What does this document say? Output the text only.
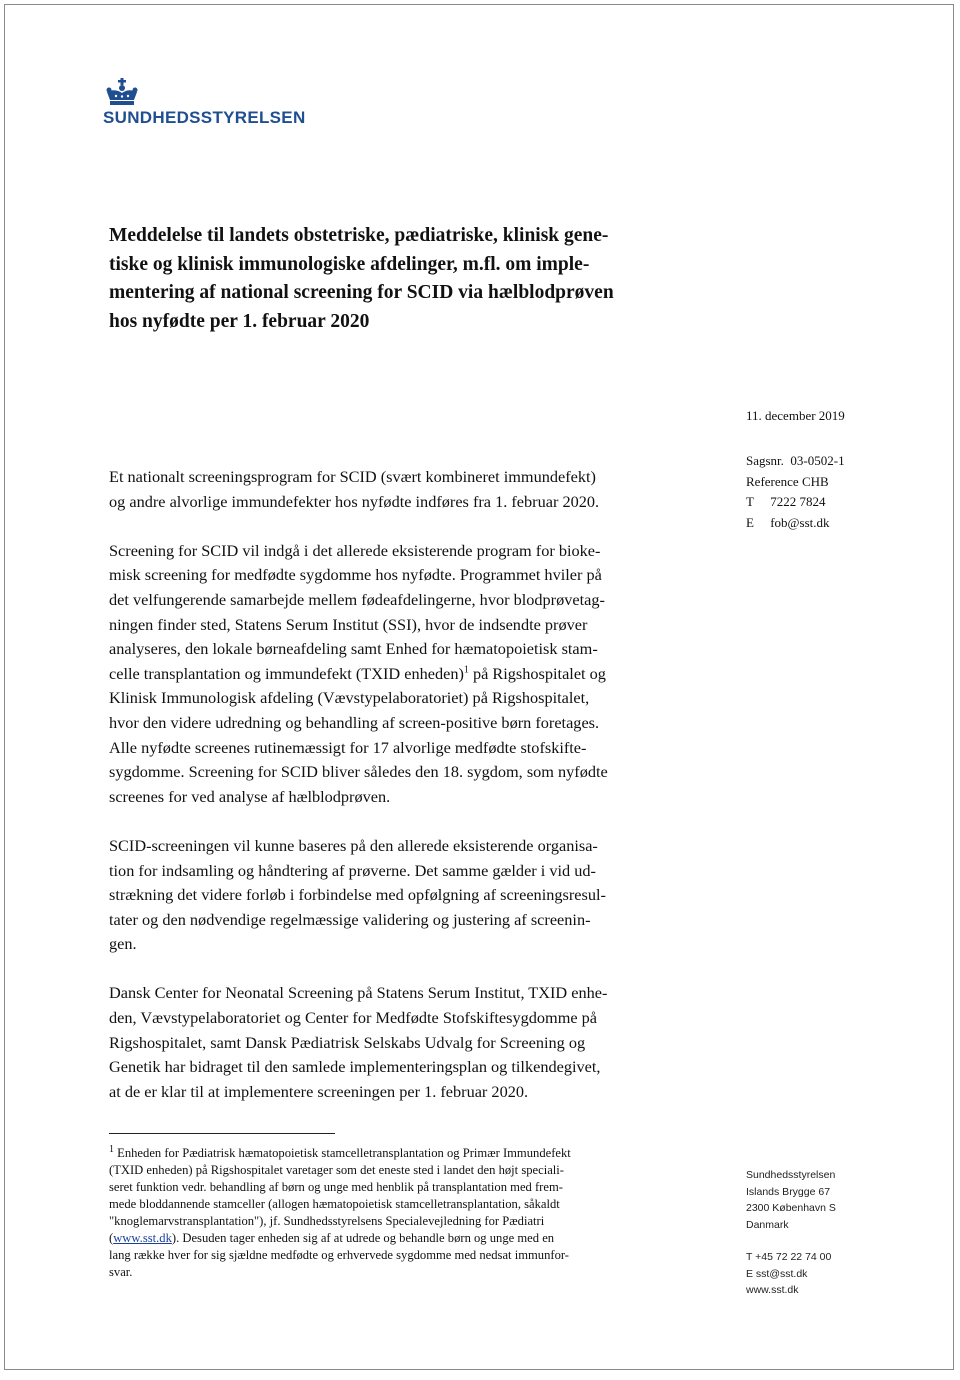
SUNDHEDSSTYRELSEN
Meddelelse til landets obstetriske, pædiatriske, klinisk gene-
tiske og klinisk immunologiske afdelinger, m.fl. om imple-
mentering af national screening for SCID via hælblodprøven
hos nyfødte per 1. februar 2020
11. december 2019
Sagsnr. 03-0502-1
Reference CHB
T 7222 7824
E fob@sst.dk

Et nationalt screeningsprogram for SCID (svært kombineret immundefekt)
og andre alvorlige immundefekter hos nyfødte indføres fra 1. februar 2020.

Screening for SCID vil indgå i det allerede eksisterende program for bioke-
misk screening for medfødte sygdomme hos nyfødte. Programmet hviler på
det velfungerende samarbejde mellem fødeafdelingerne, hvor blodprøvetag-
ningen finder sted, Statens Serum Institut (SSI), hvor de indsendte prøver
analyseres, den lokale børneafdeling samt Enhed for hæmatopoietisk stam-
celle transplantation og immundefekt (TXID enheden)$^1$ på Rigshospitalet og
Klinisk Immunologisk afdeling (Vævstypelaboratoriet) på Rigshospitalet,
hvor den videre udredning og behandling af screen-positive børn foretages.
Alle nyfødte screenes rutinemæssigt for 17 alvorlige medfødte stofskifte-
sygdomme. Screening for SCID bliver således den 18. sygdom, som nyfødte
screenes for ved analyse af hælblodprøven.

SCID-screeningen vil kunne baseres på den allerede eksisterende organisa-
tion for indsamling og håndtering af prøverne. Det samme gælder i vid ud-
strækning det videre forløb i forbindelse med opfølgning af screeningsresul-
tater og den nødvendige regelmæssige validering og justering af screenin-
gen.

Dansk Center for Neonatal Screening på Statens Serum Institut, TXID enhe-
den, Vævstypelaboratoriet og Center for Medfødte Stofskiftesygdomme på
Rigshospitalet, samt Dansk Pædiatrisk Selskabs Udvalg for Screening og
Genetik har bidraget til den samlede implementeringsplan og tilkendegivet,
at de er klar til at implementere screeningen per 1. februar 2020.

$^1$ Enheden for Pædiatrisk hæmatopoietisk stamcelletransplantation og Primær Immundefekt
(TXID enheden) på Rigshospitalet varetager som det eneste sted i landet den højt speciali-
seret funktion vedr. behandling af børn og unge med henblik på transplantation med frem-
mede bloddannende stamceller (allogen hæmatopoietisk stamcelletransplantation, såkaldt
"knoglemarvstransplantation"), jf. Sundhedsstyrelsens Specialevejledning for Pædiatri
(www.sst.dk). Desuden tager enheden sig af at udrede og behandle børn og unge med en
lang række hver for sig sjældne medfødte og erhvervede sygdomme med nedsat immunfor-
svar.
Sundhedsstyrelsen
Islands Brygge 67
2300 København S
Danmark
T +45 72 22 74 00
E sst@sst.dk
www.sst.dk
